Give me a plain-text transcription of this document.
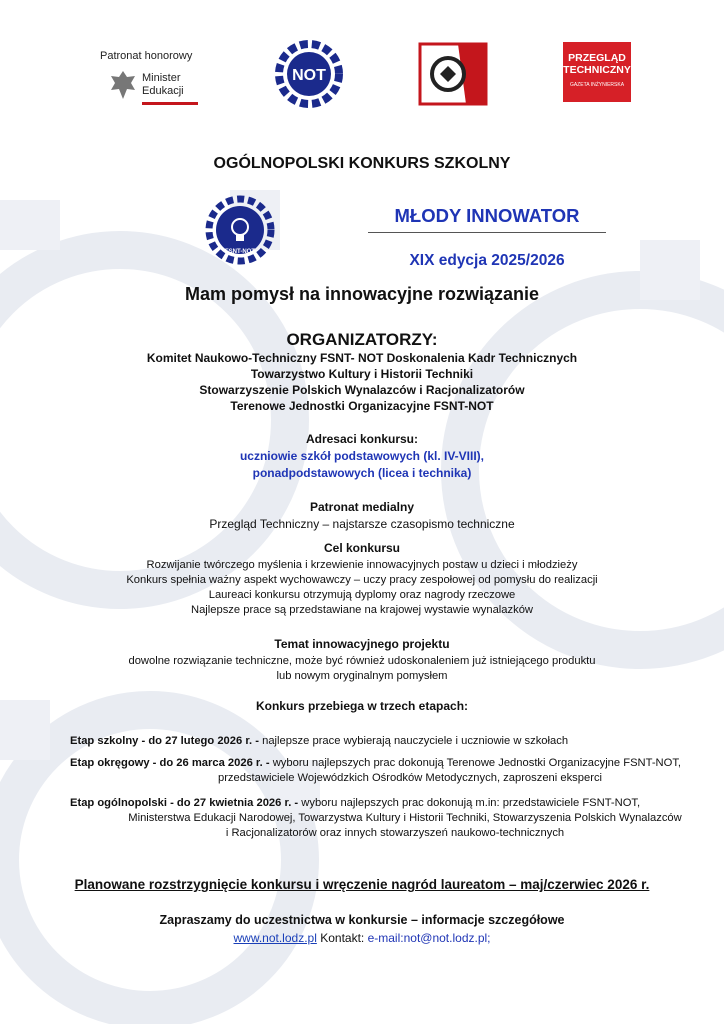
Patronat honorowy
Minister
Edukacji
NOT
PRZEGLĄD
TECHNICZNY
GAZETA INŻYNIERSKA
OGÓLNOPOLSKI KONKURS SZKOLNY
FSNT-NOT
MŁODY INNOWATOR
XIX edycja 2025/2026
Mam pomysł na innowacyjne rozwiązanie
ORGANIZATORZY:
Komitet Naukowo-Techniczny FSNT- NOT Doskonalenia Kadr Technicznych
Towarzystwo Kultury i Historii Techniki
Stowarzyszenie Polskich Wynalazców i Racjonalizatorów
Terenowe Jednostki Organizacyjne FSNT-NOT
Adresaci konkursu:
uczniowie szkół podstawowych (kl. IV-VIII),
ponadpodstawowych (licea i technika)
Patronat medialny
Przegląd Techniczny – najstarsze czasopismo techniczne
Cel konkursu
Rozwijanie twórczego myślenia i krzewienie innowacyjnych postaw u dzieci i młodzieży
Konkurs spełnia ważny aspekt wychowawczy – uczy pracy zespołowej od pomysłu do realizacji
Laureaci konkursu otrzymują dyplomy oraz nagrody rzeczowe
Najlepsze prace są przedstawiane na krajowej wystawie wynalazków
Temat innowacyjnego projektu
dowolne rozwiązanie techniczne, może być również udoskonaleniem już istniejącego produktu
lub nowym oryginalnym pomysłem
Konkurs przebiega w trzech etapach:
Etap szkolny - do 27 lutego 2026 r. - najlepsze prace wybierają nauczyciele i uczniowie w szkołach
Etap okręgowy - do 26 marca 2026 r. - wyboru najlepszych prac dokonują Terenowe Jednostki Organizacyjne FSNT-NOT,
przedstawiciele Wojewódzkich Ośrodków Metodycznych, zaproszeni eksperci
Etap ogólnopolski - do 27 kwietnia 2026 r. - wyboru najlepszych prac dokonują m.in: przedstawiciele FSNT-NOT,
Ministerstwa Edukacji Narodowej, Towarzystwa Kultury i Historii Techniki, Stowarzyszenia Polskich Wynalazców
i Racjonalizatorów oraz innych stowarzyszeń naukowo-technicznych
Planowane rozstrzygnięcie konkursu i wręczenie nagród laureatom – maj/czerwiec 2026 r.
Zapraszamy do uczestnictwa w konkursie – informacje szczegółowe
www.not.lodz.pl Kontakt: e-mail:not@not.lodz.pl;
